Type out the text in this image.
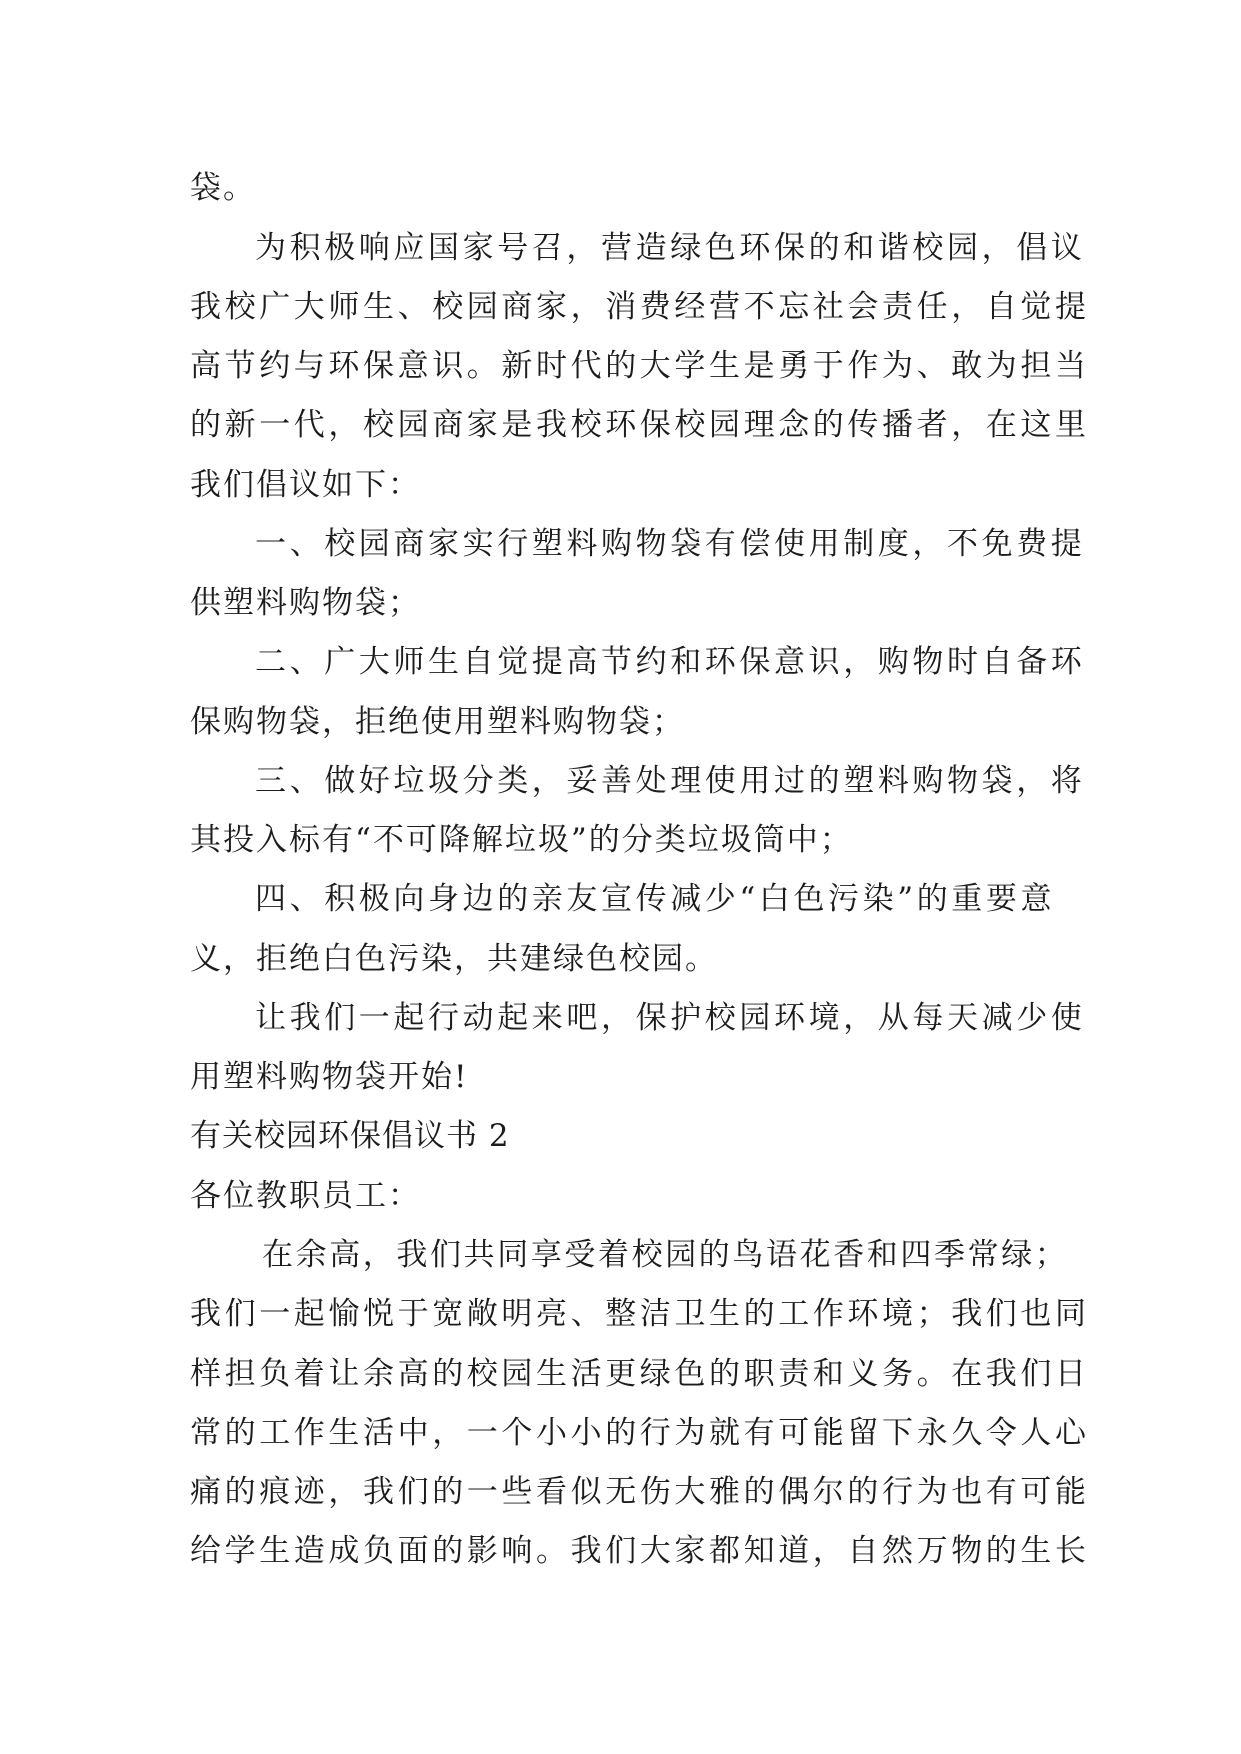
袋。
为积极响应国家号召，营造绿色环保的和谐校园，倡议
我校广大师生、校园商家，消费经营不忘社会责任，自觉提
高节约与环保意识。新时代的大学生是勇于作为、敢为担当
的新一代，校园商家是我校环保校园理念的传播者，在这里
我们倡议如下：
一、校园商家实行塑料购物袋有偿使用制度，不免费提
供塑料购物袋；
二、广大师生自觉提高节约和环保意识，购物时自备环
保购物袋，拒绝使用塑料购物袋；
三、做好垃圾分类，妥善处理使用过的塑料购物袋，将
其投入标有“不可降解垃圾”的分类垃圾筒中；
四、积极向身边的亲友宣传减少“白色污染”的重要意
义，拒绝白色污染，共建绿色校园。
让我们一起行动起来吧，保护校园环境，从每天减少使
用塑料购物袋开始!
有关校园环保倡议书 2
各位教职员工：
在余高，我们共同享受着校园的鸟语花香和四季常绿；
我们一起愉悦于宽敞明亮、整洁卫生的工作环境；我们也同
样担负着让余高的校园生活更绿色的职责和义务。在我们日
常的工作生活中，一个小小的行为就有可能留下永久令人心
痛的痕迹，我们的一些看似无伤大雅的偶尔的行为也有可能
给学生造成负面的影响。我们大家都知道，自然万物的生长
